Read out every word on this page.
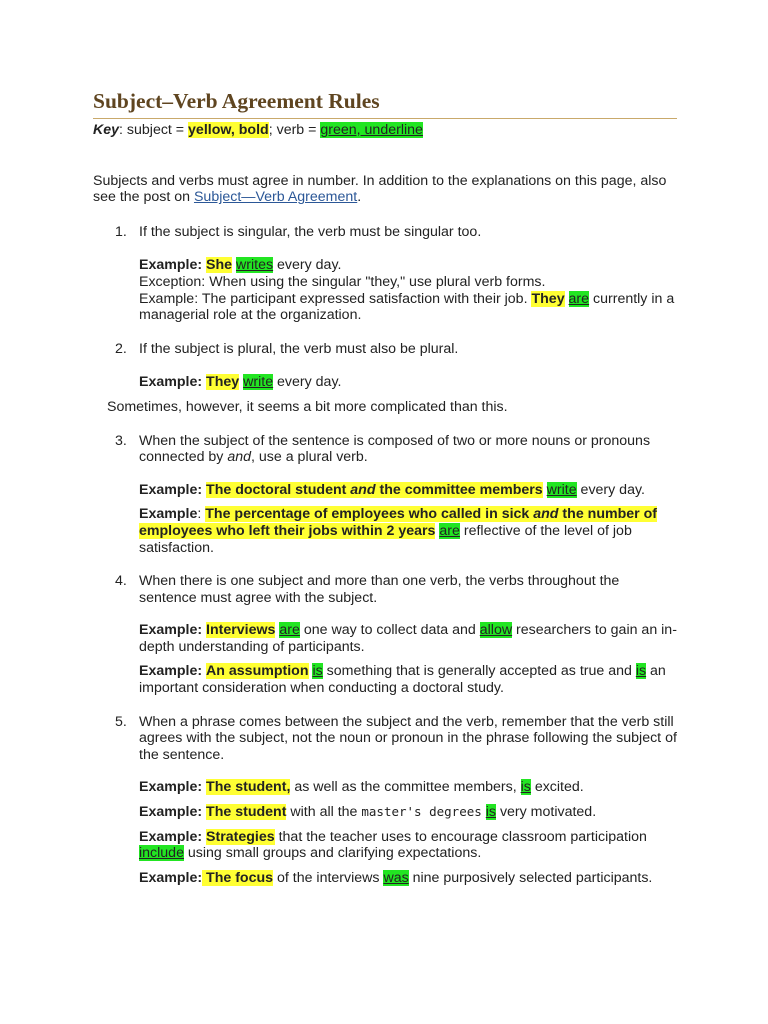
Subject–Verb Agreement Rules

Key: subject = yellow, bold; verb = green, underline

Subjects and verbs must agree in number. In addition to the explanations on this page, also see the post on Subject—Verb Agreement.

1. If the subject is singular, the verb must be singular too.

Example: She writes every day.

Exception: When using the singular "they," use plural verb forms.

Example: The participant expressed satisfaction with their job. They are currently in a managerial role at the organization.

2. If the subject is plural, the verb must also be plural.

Example: They write every day.

Sometimes, however, it seems a bit more complicated than this.

3. When the subject of the sentence is composed of two or more nouns or pronouns connected by and, use a plural verb.

Example: The doctoral student and the committee members write every day.

Example: The percentage of employees who called in sick and the number of employees who left their jobs within 2 years are reflective of the level of job satisfaction.

4. When there is one subject and more than one verb, the verbs throughout the sentence must agree with the subject.

Example: Interviews are one way to collect data and allow researchers to gain an in-depth understanding of participants.

Example: An assumption is something that is generally accepted as true and is an important consideration when conducting a doctoral study.

5. When a phrase comes between the subject and the verb, remember that the verb still agrees with the subject, not the noun or pronoun in the phrase following the subject of the sentence.

Example: The student, as well as the committee members, is excited.

Example: The student with all the master's degrees is very motivated.

Example: Strategies that the teacher uses to encourage classroom participation include using small groups and clarifying expectations.

Example: The focus of the interviews was nine purposively selected participants.
